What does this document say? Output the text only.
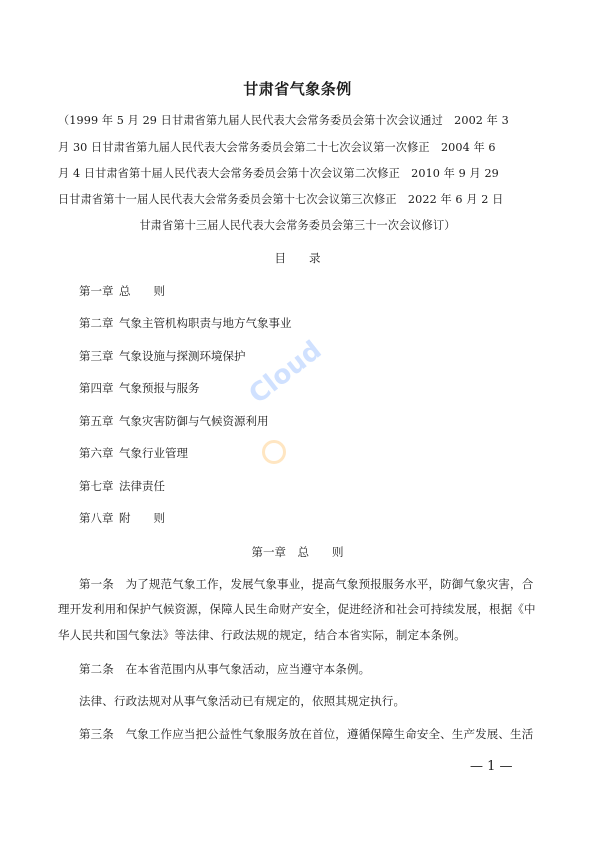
甘肃省气象条例
（1999 年 5 月 29 日甘肃省第九届人民代表大会常务委员会第十次会议通过　2002 年 3
月 30 日甘肃省第九届人民代表大会常务委员会第二十七次会议第一次修正　2004 年 6
月 4 日甘肃省第十届人民代表大会常务委员会第十次会议第二次修正　2010 年 9 月 29
日甘肃省第十一届人民代表大会常务委员会第十七次会议第三次修正　2022 年 6 月 2 日
甘肃省第十三届人民代表大会常务委员会第三十一次会议修订）
目　　录
第一章 总　　则
第二章 气象主管机构职责与地方气象事业
第三章 气象设施与探测环境保护
第四章 气象预报与服务
第五章 气象灾害防御与气候资源利用
第六章 气象行业管理
第七章 法律责任
第八章 附　　则
第一章　总　　则
第一条　为了规范气象工作，发展气象事业，提高气象预报服务水平，防御气象灾害，合
理开发利用和保护气候资源，保障人民生命财产安全，促进经济和社会可持续发展，根据《中
华人民共和国气象法》等法律、行政法规的规定，结合本省实际，制定本条例。
第二条　在本省范围内从事气象活动，应当遵守本条例。
法律、行政法规对从事气象活动已有规定的，依照其规定执行。
第三条　气象工作应当把公益性气象服务放在首位，遵循保障生命安全、生产发展、生活
— 1 —
Cloud
